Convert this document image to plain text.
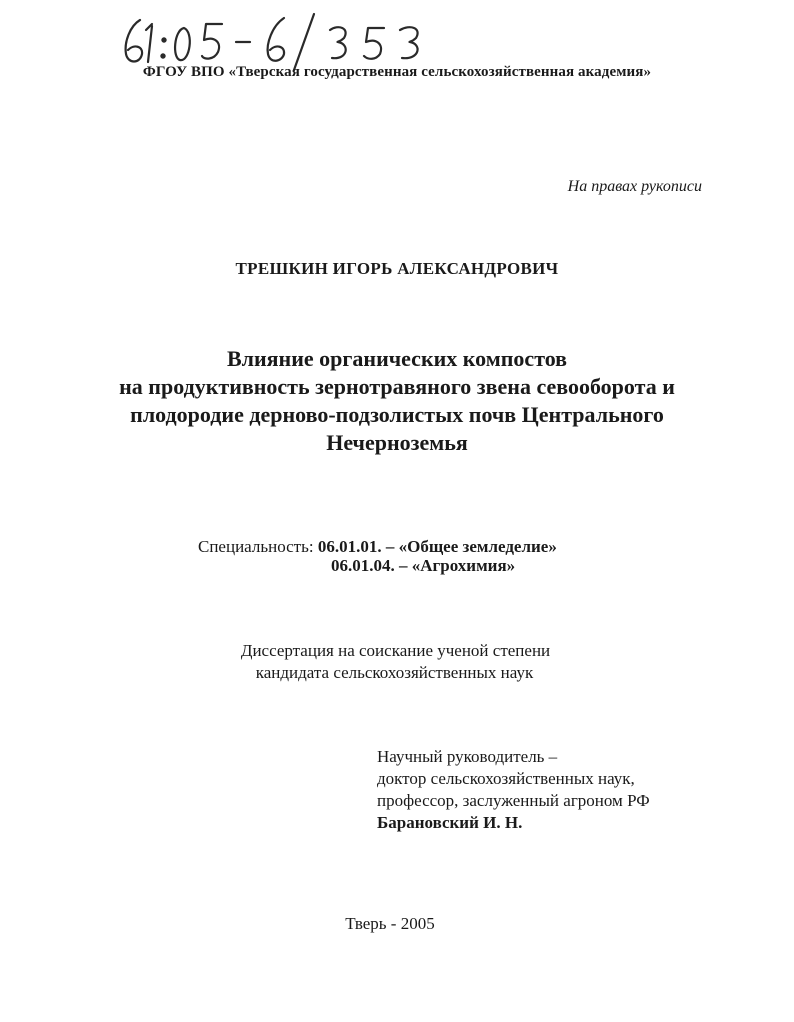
ФГОУ ВПО «Тверская государственная сельскохозяйственная академия»
На правах рукописи
ТРЕШКИН ИГОРЬ АЛЕКСАНДРОВИЧ
Влияние органических компостов
на продуктивность зернотравяного звена севооборота и
плодородие дерново-подзолистых почв Центрального
Нечерноземья
Специальность: 06.01.01. – «Общее земледелие»
06.01.04. – «Агрохимия»
Диссертация на соискание ученой степени
кандидата сельскохозяйственных наук
Научный руководитель –
доктор сельскохозяйственных наук,
профессор, заслуженный агроном РФ
Барановский И. Н.
Тверь - 2005
